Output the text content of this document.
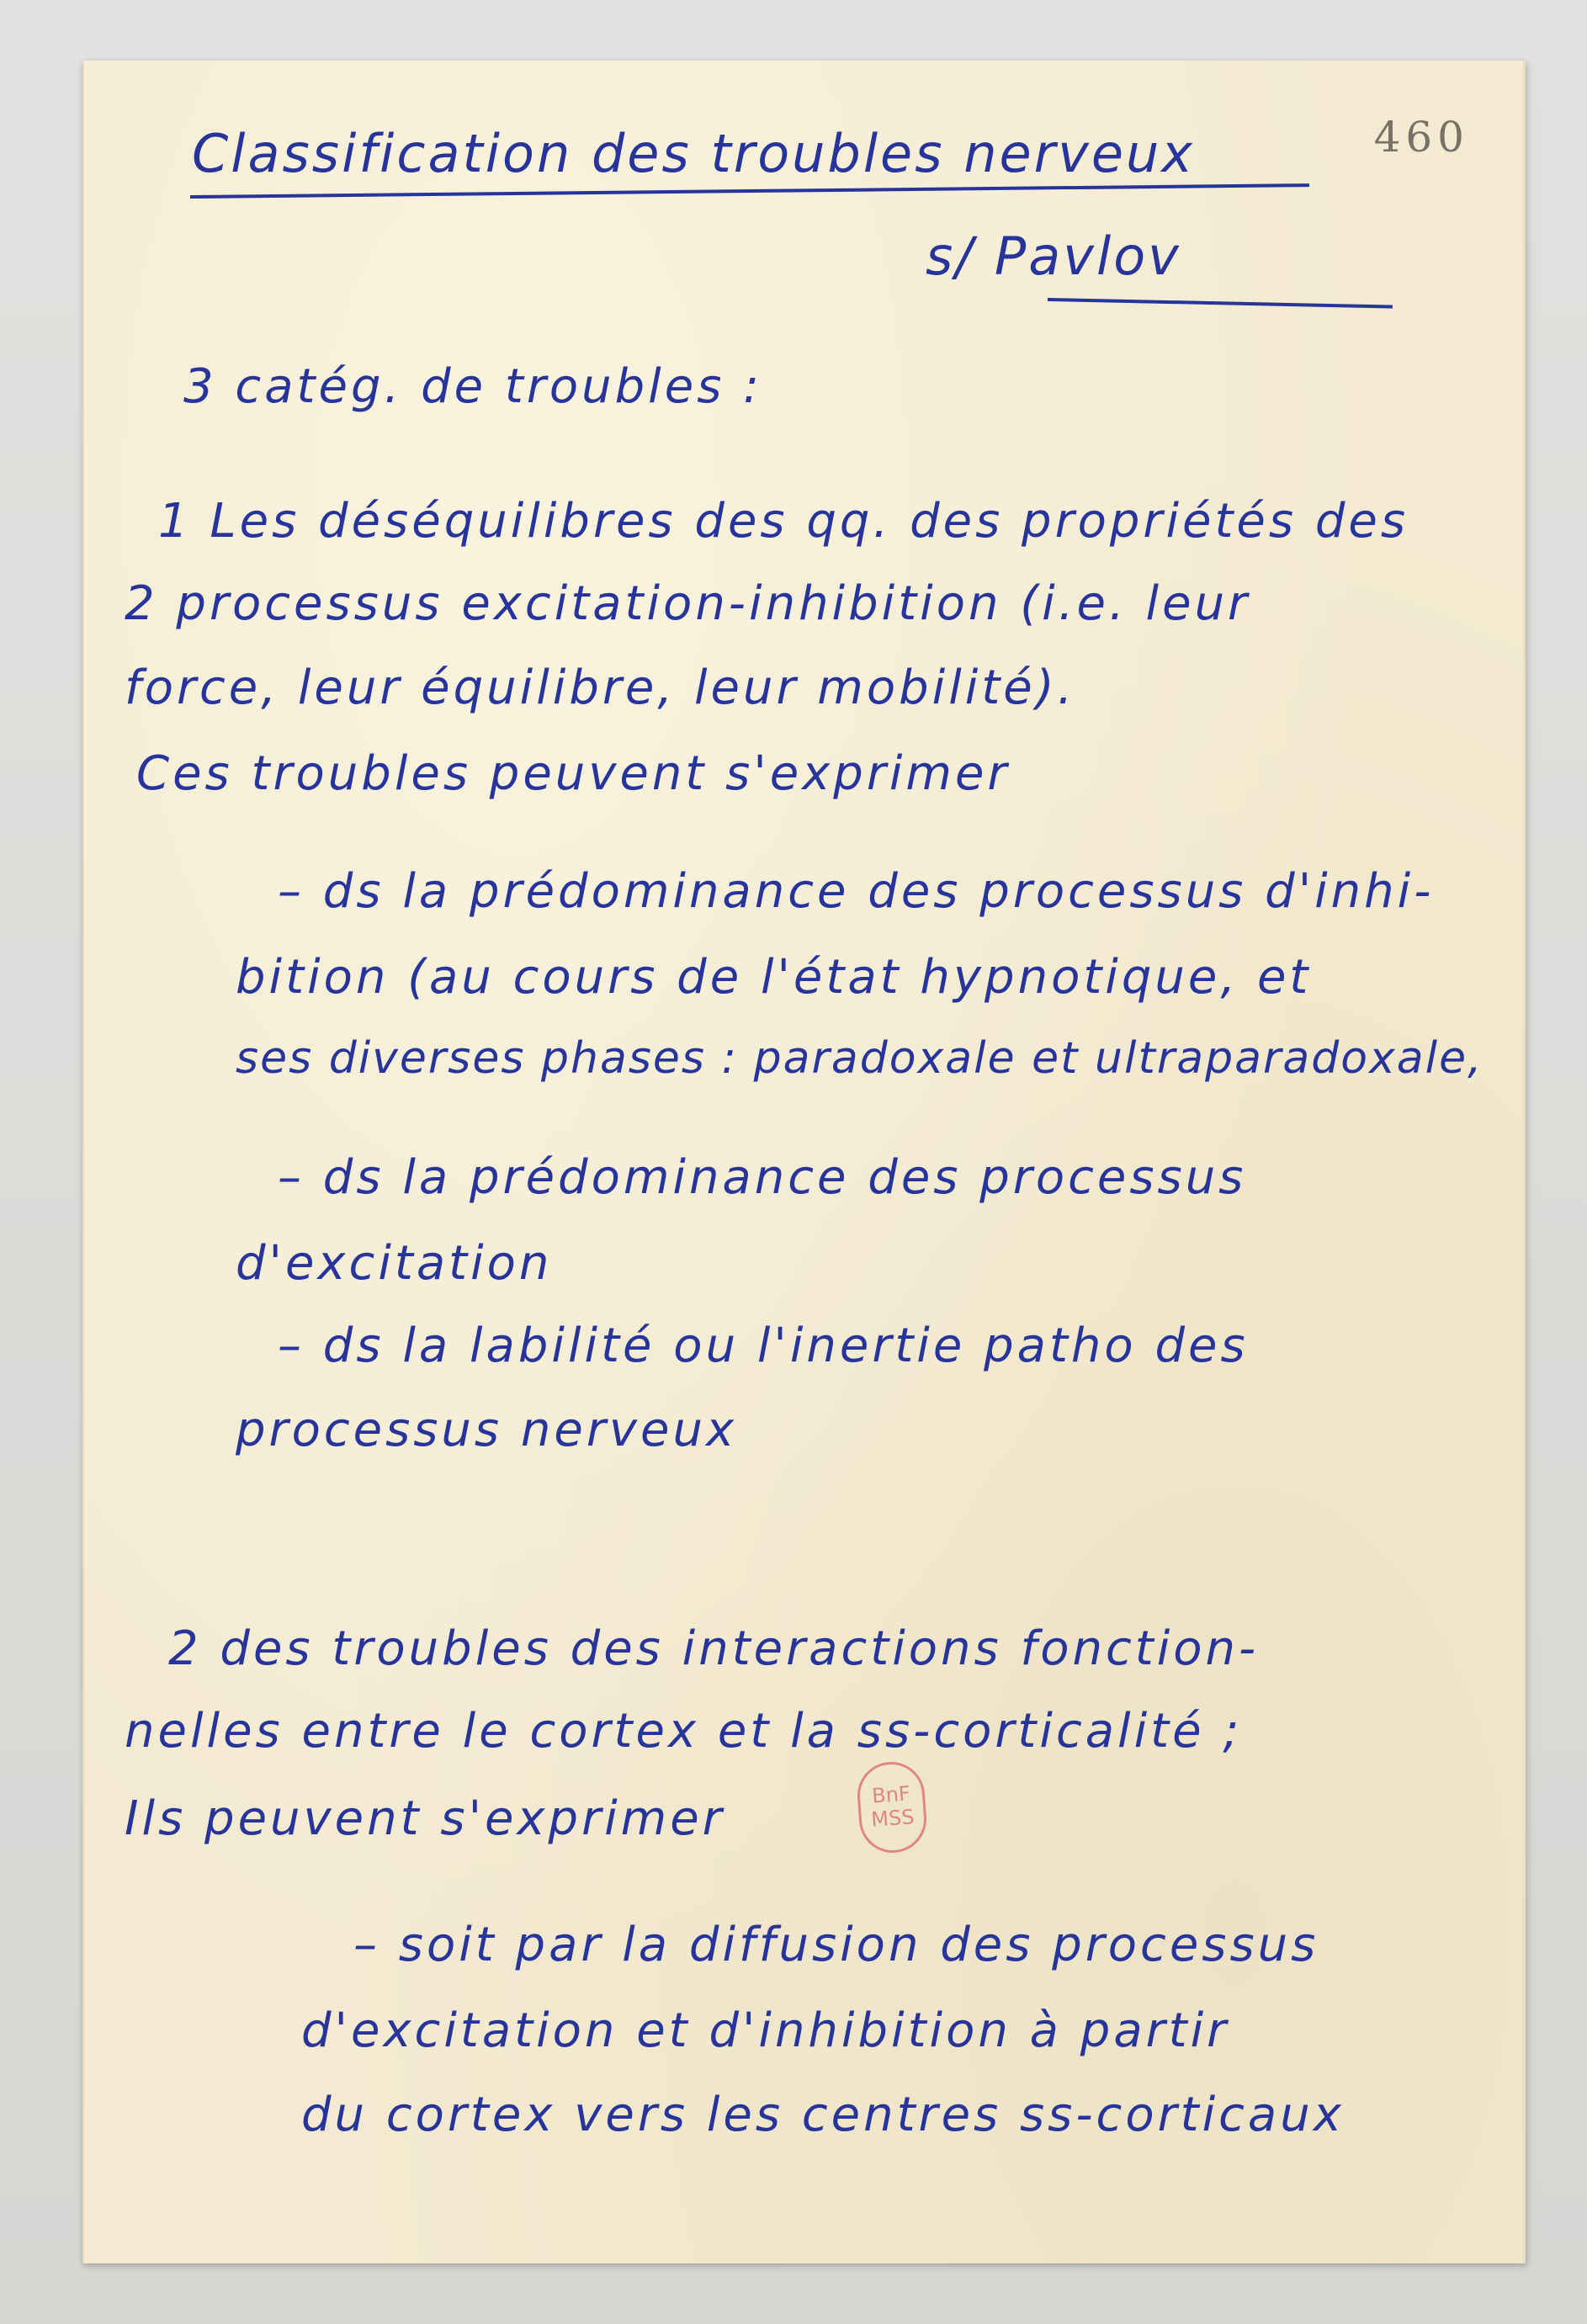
460
Classification des troubles nerveux
s/ Pavlov
3 catég. de troubles :
1 Les déséquilibres des qq. des propriétés des
2 processus excitation-inhibition (i.e. leur
force, leur équilibre, leur mobilité).
Ces troubles peuvent s'exprimer
– ds la prédominance des processus d'inhi-
bition (au cours de l'état hypnotique, et
ses diverses phases : paradoxale et ultraparadoxale,
– ds la prédominance des processus
d'excitation
– ds la labilité ou l'inertie patho des
processus nerveux
2 des troubles des interactions fonction-
nelles entre le cortex et la ss-corticalité ;
Ils peuvent s'exprimer
– soit par la diffusion des processus
d'excitation et d'inhibition à partir
du cortex vers les centres ss-corticaux
BnF
MSS
